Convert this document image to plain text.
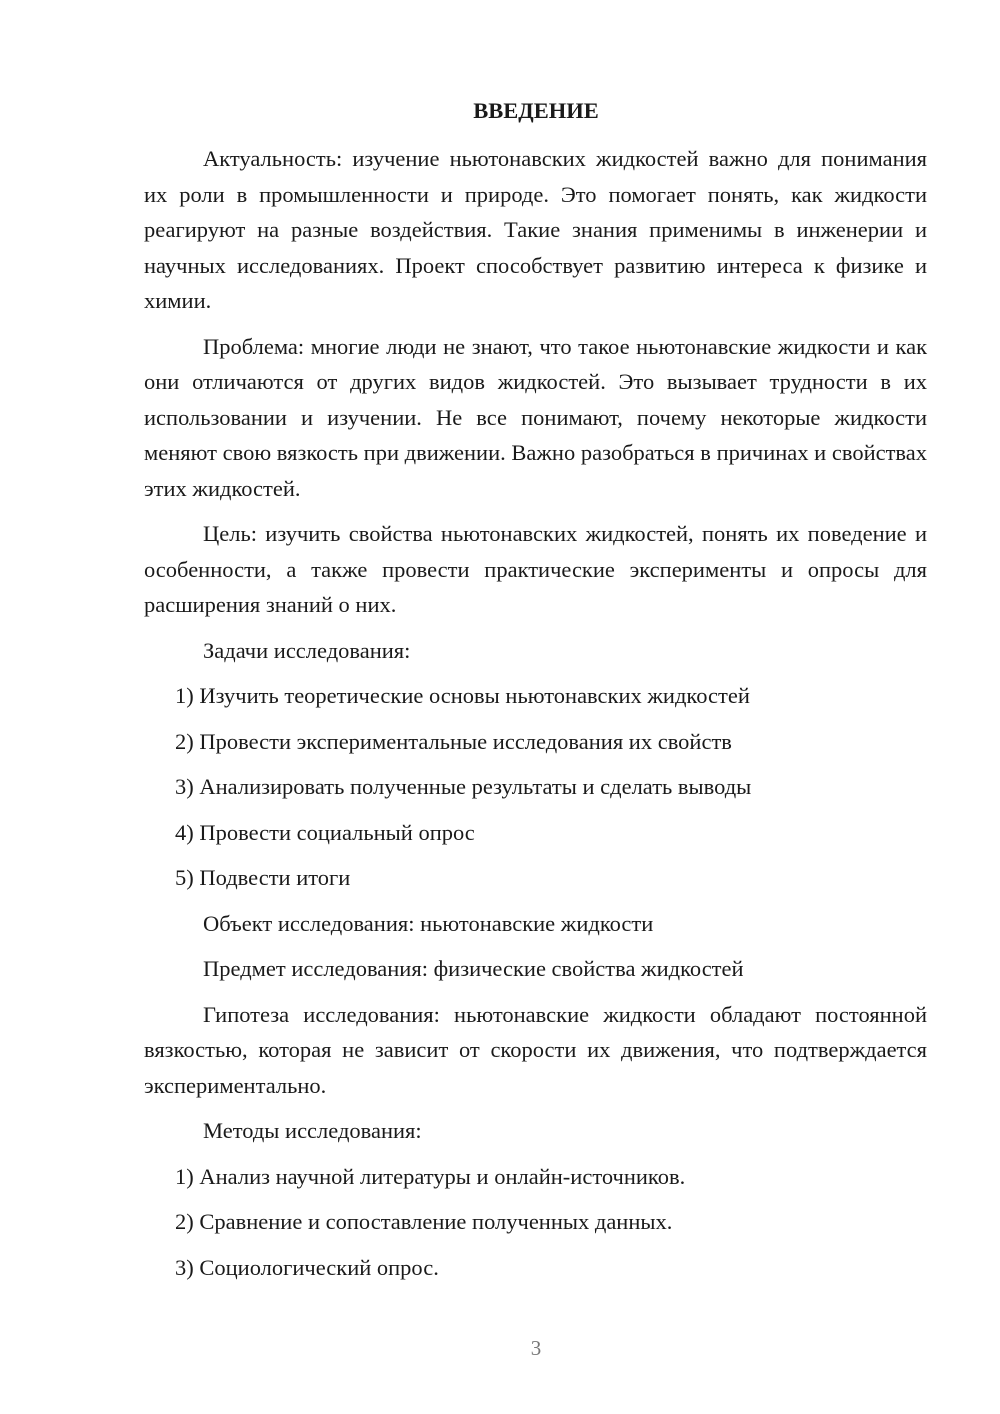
ВВЕДЕНИЕ

Актуальность: изучение ньютонавских жидкостей важно для понимания их роли в промышленности и природе. Это помогает понять, как жидкости реагируют на разные воздействия. Такие знания применимы в инженерии и научных исследованиях. Проект способствует развитию интереса к физике и химии.

Проблема: многие люди не знают, что такое ньютонавские жидкости и как они отличаются от других видов жидкостей. Это вызывает трудности в их использовании и изучении. Не все понимают, почему некоторые жидкости меняют свою вязкость при движении. Важно разобраться в причинах и свойствах этих жидкостей.

Цель: изучить свойства ньютонавских жидкостей, понять их поведение и особенности, а также провести практические эксперименты и опросы для расширения знаний о них.

Задачи исследования:

1) Изучить теоретические основы ньютонавских жидкостей

2) Провести экспериментальные исследования их свойств

3) Анализировать полученные результаты и сделать выводы

4) Провести социальный опрос

5) Подвести итоги

Объект исследования: ньютонавские жидкости

Предмет исследования: физические свойства жидкостей

Гипотеза исследования: ньютонавские жидкости обладают постоянной вязкостью, которая не зависит от скорости их движения, что подтверждается экспериментально.

Методы исследования:

1) Анализ научной литературы и онлайн-источников.

2) Сравнение и сопоставление полученных данных.

3) Социологический опрос.

3
